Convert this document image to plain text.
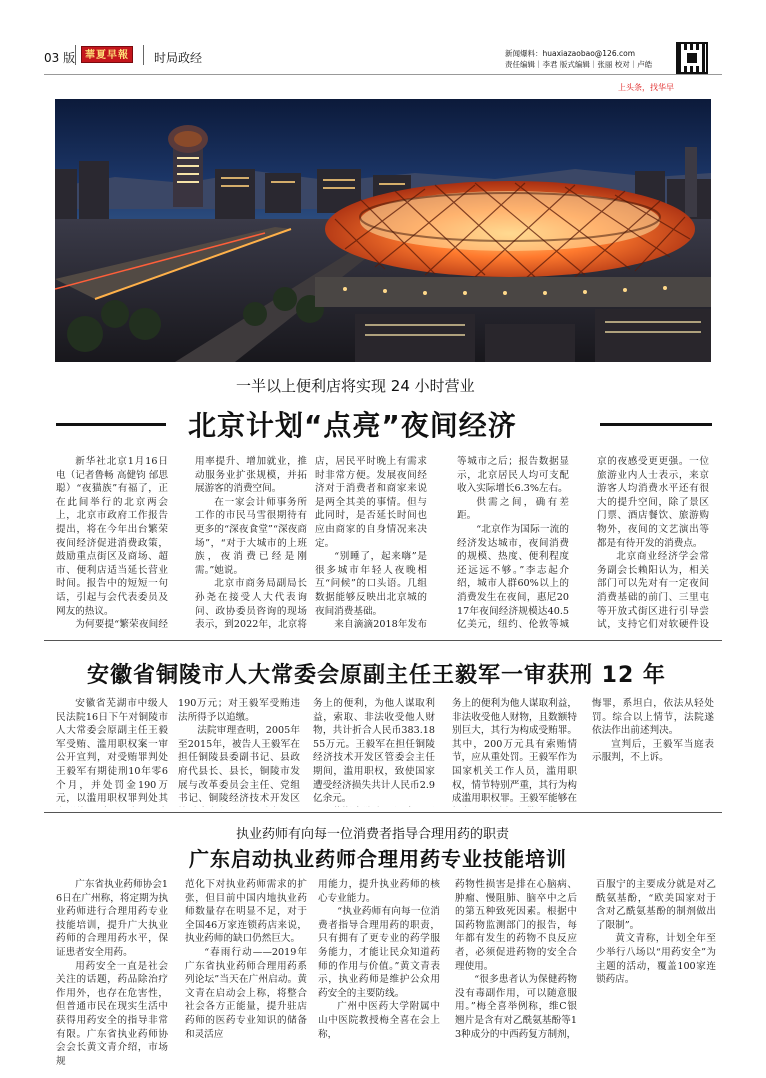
03 版 華夏早報	时局政经	新闻爆料：huaxiazaobao@126.com
责任编辑｜李君 版式编辑｜张丽 校对｜卢皓
上头条，找华早
一半以上便利店将实现 24 小时营业
北京计划“点亮”夜间经济

新华社北京1月16日电（记者鲁畅 高健钧 邰思聪）“夜猫族”有福了，正在此间举行的北京两会上，北京市政府工作报告提出，将在今年出台繁荣夜间经济促进消费政策，鼓励重点街区及商场、超市、便利店适当延长营业时间。报告中的短短一句话，引起与会代表委员及网友的热议。

为何要提“繁荣夜间经

用率提升、增加就业，推动服务业扩张规模，并拓展游客的消费空间。

在一家会计师事务所工作的市民马雪很期待有更多的“深夜食堂”“深夜商场”，“对于大城市的上班族，夜消费已经是刚需。”她说。

北京市商务局副局长孙尧在接受人大代表询问、政协委员咨询的现场表示，到2022年，北京将

店，居民平时晚上有需求时非常方便。发展夜间经济对于消费者和商家来说是两全其美的事情。但与此同时，是否延长时间也应由商家的自身情况来决定。

“别睡了，起来嗨”是很多城市年轻人夜晚相互“问候”的口头语。几组数据能够反映出北京城的夜间消费基础。

来自滴滴2018年发布

等城市之后；报告数据显示，北京居民人均可支配收入实际增长6.3%左右。

供需之间，确有差距。

“北京作为国际一流的经济发达城市，夜间消费的规模、热度、便利程度还远远不够。”李志起介绍，城市人群60%以上的消费发生在夜间，惠尼2017年夜间经济规模达40.5亿美元，纽约、伦敦等城

京的夜感受更更强。一位旅游业内人士表示，来京游客人均消费水平还有很大的提升空间，除了景区门票、酒店餐饮、旅游购物外，夜间的文艺演出等都是有待开发的消费点。

北京商业经济学会常务副会长赖阳认为，相关部门可以先对有一定夜间消费基础的前门、三里屯等开放式街区进行引导尝试，支持它们对软硬件设

安徽省铜陵市人大常委会原副主任王毅军一审获刑 12 年

安徽省芜湖市中级人民法院16日下午对铜陵市人大常委会原副主任王毅军受贿、滥用职权案一审公开宣判，对受贿罪判处王毅军有期徒刑10年零6个月，并处罚金190万元，以滥用职权罪判处其

190万元；对王毅军受贿违法所得予以追缴。

法院审理查明，2005年至2015年，被告人王毅军在担任铜陵县委副书记、县政府代县长、县长，铜陵市发展与改革委员会主任、党组书记、铜陵经济技术开发区

务上的便利，为他人谋取利益，索取、非法收受他人财物，共计折合人民币383.1855万元。王毅军在担任铜陵经济技术开发区管委会主任期间，滥用职权，致使国家遭受经济损失共计人民币2.9亿余元。

务上的便利为他人谋取利益，非法收受他人财物，且数额特别巨大，其行为构成受贿罪。其中，200万元具有索贿情节，应从重处罚。王毅军作为国家机关工作人员，滥用职权，情节特别严重，其行为构成滥用职权罪。王毅军能够在

悔罪，系坦白，依法从轻处罚。综合以上情节，法院遂依法作出前述判决。

宣判后，王毅军当庭表示服判，不上诉。

执业药师有向每一位消费者指导合理用药的职责
广东启动执业药师合理用药专业技能培训

广东省执业药师协会16日在广州称，将定期为执业药师进行合理用药专业技能培训，提升广大执业药师的合理用药水平，保证患者安全用药。

用药安全一直是社会关注的话题，药品除治疗作用外，也存在危害性，但普通市民在现实生活中获得用药安全的指导非常有限。广东省执业药师协会会长黄文青介绍，市场规

范化下对执业药师需求的扩张，但目前中国内地执业药师数量存在明显不足，对于全国46万家连锁药店来说，执业药师的缺口仍然巨大。

“春雨行动——2019年广东省执业药师合理用药系列论坛”当天在广州启动。黄文青在启动会上称，将整合社会各方正能量，提升驻店药师的医药专业知识的储备和灵活应

用能力，提升执业药师的核心专业能力。

“执业药师有向每一位消费者指导合理用药的职责，只有拥有了更专业的药学服务能力，才能让民众知道药师的作用与价值。”黄文青表示，执业药师是维护公众用药安全的主要防线。

广州中医药大学附属中山中医院教授梅全喜在会上称，

药物性损害是排在心脑病、肿瘤、慢阻肺、脑卒中之后的第五种致死因素。根据中国药物监测部门的报告，每年都有发生的药物不良反应者，必须促进药物的安全合理使用。

“很多患者认为保健药物没有毒副作用，可以随意服用。”梅全喜举例称，维C银翘片是含有对乙酰氨基酚等13种成分的中西药复方制剂，

百服宁的主要成分就是对乙酰氨基酚，“欧美国家对于含对乙酰氨基酚的制剂做出了限制”。

黄文青称，计划全年至少举行八场以“用药安全”为主题的活动，覆盖100家连锁药店。
